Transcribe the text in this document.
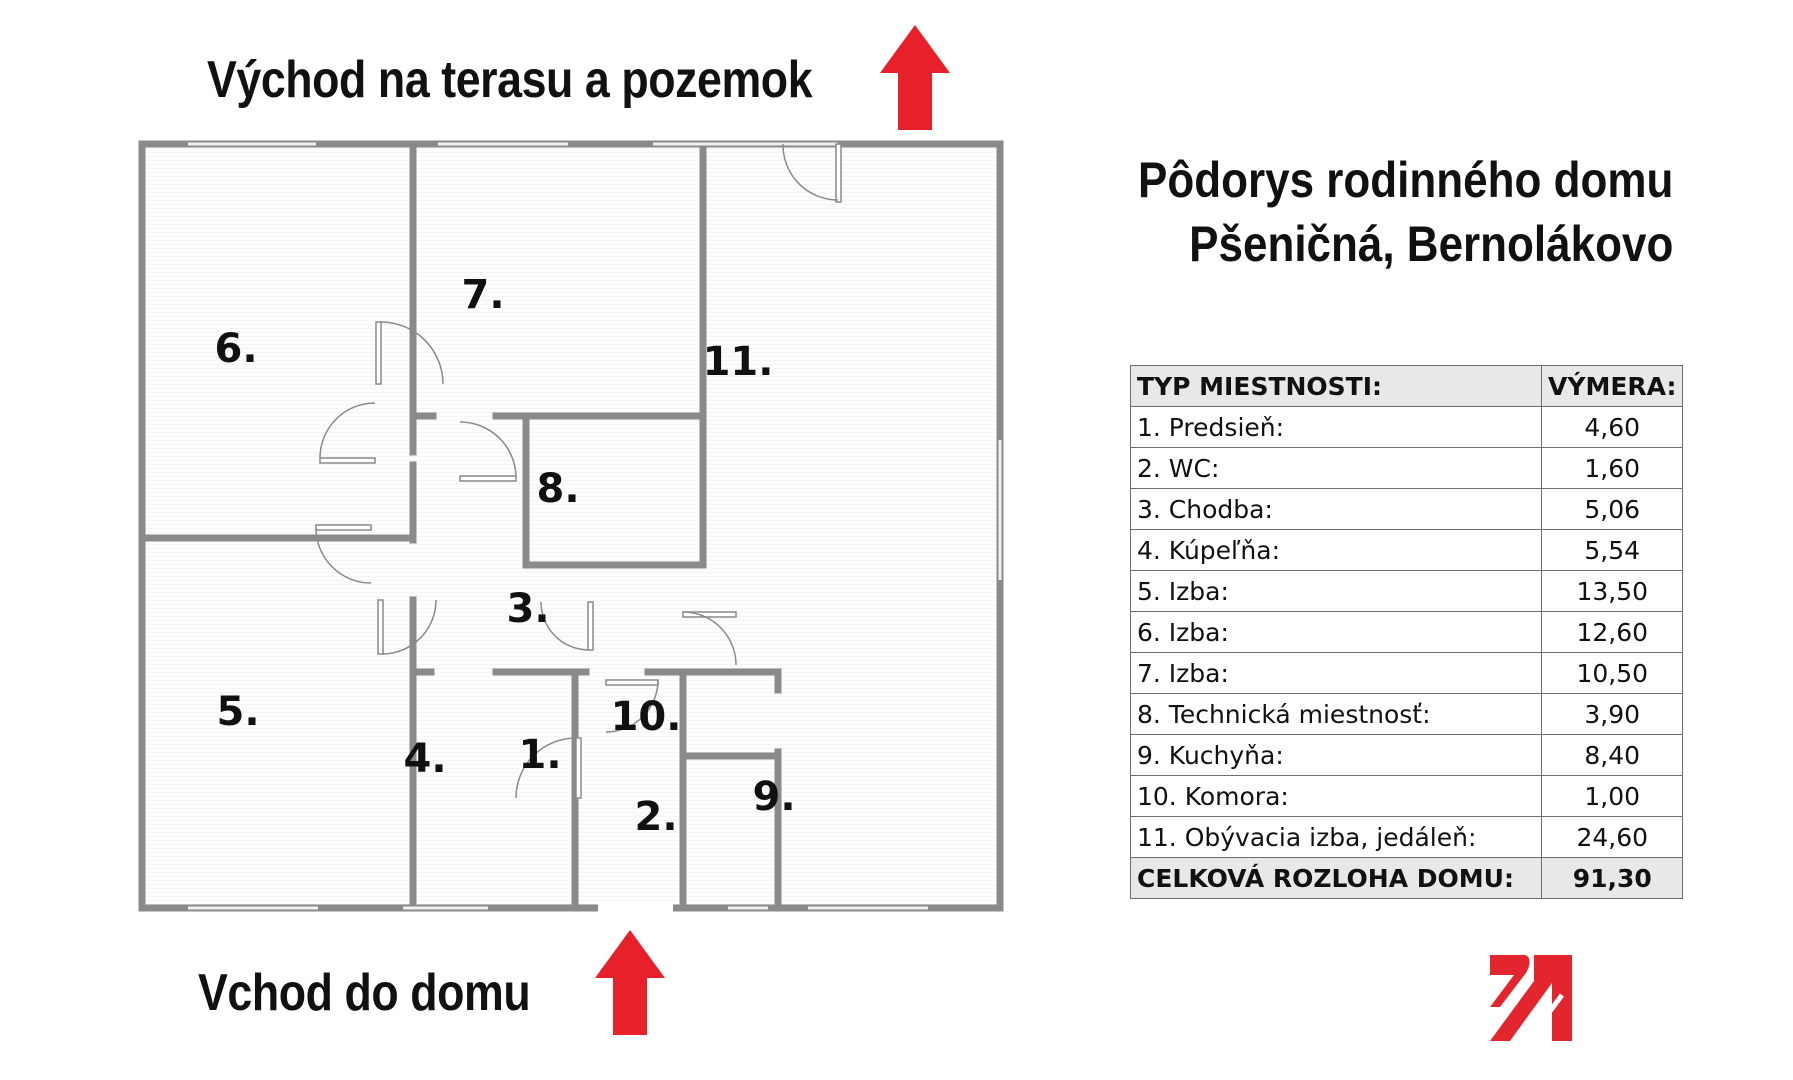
Východ na terasu a pozemok
Vchod do domu
1.
2.
3.
4.
5.
6.
7.
8.
9.
10.
11.
Pôdorys rodinného domu
Pšeničná, Bernolákovo
TYP MIESTNOSTI:	VÝMERA:
1. Predsieň:	4,60
2. WC:	1,60
3. Chodba:	5,06
4. Kúpeľňa:	5,54
5. Izba:	13,50
6. Izba:	12,60
7. Izba:	10,50
8. Technická miestnosť:	3,90
9. Kuchyňa:	8,40
10. Komora:	1,00
11. Obývacia izba, jedáleň:	24,60
CELKOVÁ ROZLOHA DOMU:	91,30
